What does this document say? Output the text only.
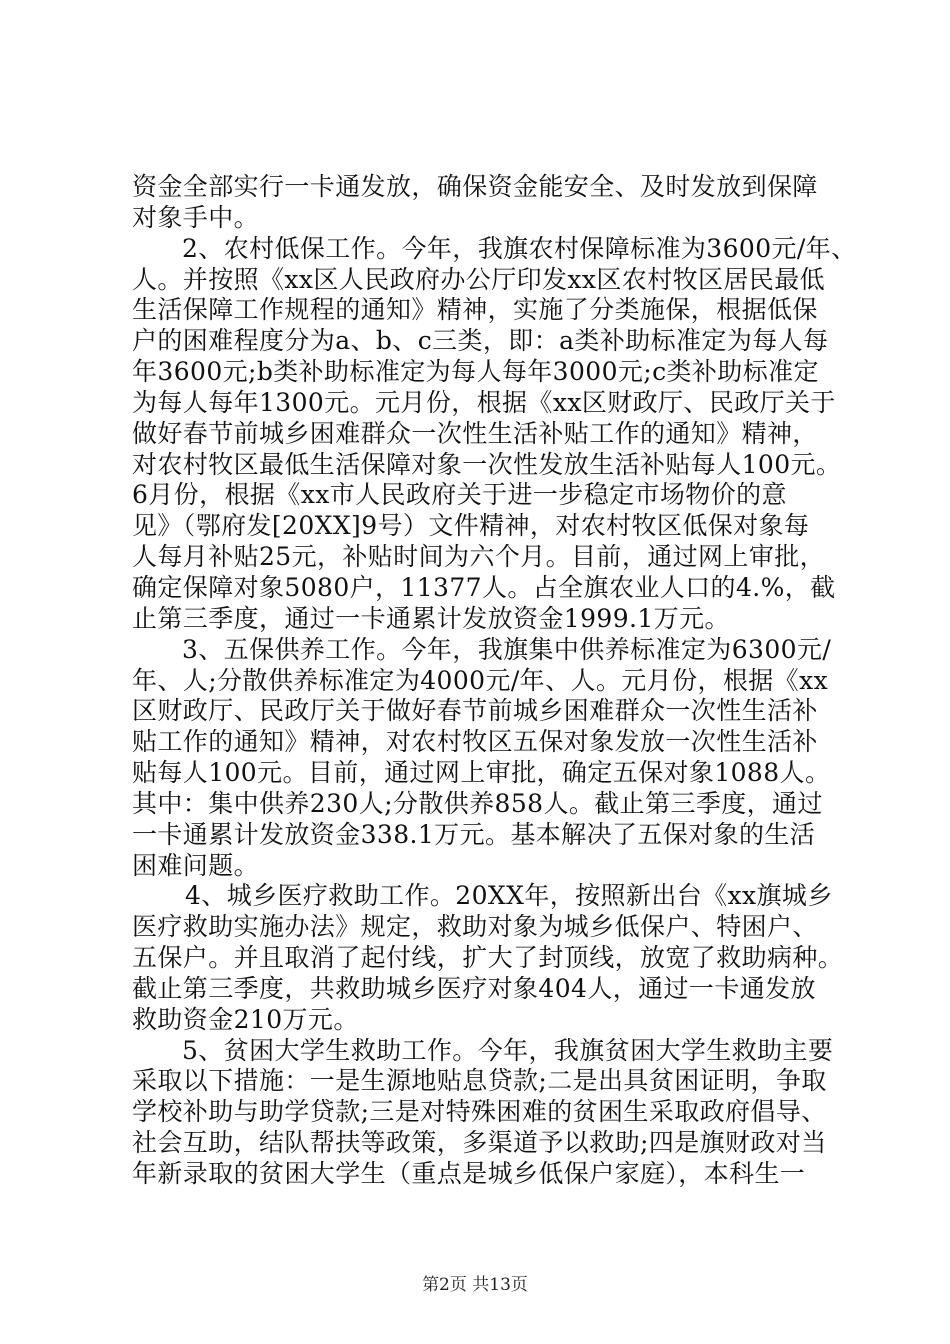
资金全部实行一卡通发放，确保资金能安全、及时发放到保障
对象手中。
2、农村低保工作。今年，我旗农村保障标准为3600元/年、
人。并按照《xx区人民政府办公厅印发xx区农村牧区居民最低
生活保障工作规程的通知》精神，实施了分类施保，根据低保
户的困难程度分为a、b、c三类，即：a类补助标准定为每人每
年3600元;b类补助标准定为每人每年3000元;c类补助标准定
为每人每年1300元。元月份，根据《xx区财政厅、民政厅关于
做好春节前城乡困难群众一次性生活补贴工作的通知》精神，
对农村牧区最低生活保障对象一次性发放生活补贴每人100元。
6月份，根据《xx市人民政府关于进一步稳定市场物价的意
见》（鄂府发[20XX]9号）文件精神，对农村牧区低保对象每
人每月补贴25元，补贴时间为六个月。目前，通过网上审批，
确定保障对象5080户，11377人。占全旗农业人口的4.%，截
止第三季度，通过一卡通累计发放资金1999.1万元。
3、五保供养工作。今年，我旗集中供养标准定为6300元/
年、人;分散供养标准定为4000元/年、人。元月份，根据《xx
区财政厅、民政厅关于做好春节前城乡困难群众一次性生活补
贴工作的通知》精神，对农村牧区五保对象发放一次性生活补
贴每人100元。目前，通过网上审批，确定五保对象1088人。
其中：集中供养230人;分散供养858人。截止第三季度，通过
一卡通累计发放资金338.1万元。基本解决了五保对象的生活
困难问题。
4、城乡医疗救助工作。20XX年，按照新出台《xx旗城乡
医疗救助实施办法》规定，救助对象为城乡低保户、特困户、
五保户。并且取消了起付线，扩大了封顶线，放宽了救助病种。
截止第三季度，共救助城乡医疗对象404人，通过一卡通发放
救助资金210万元。
5、贫困大学生救助工作。今年，我旗贫困大学生救助主要
采取以下措施：一是生源地贴息贷款;二是出具贫困证明，争取
学校补助与助学贷款;三是对特殊困难的贫困生采取政府倡导、
社会互助，结队帮扶等政策，多渠道予以救助;四是旗财政对当
年新录取的贫困大学生（重点是城乡低保户家庭），本科生一
第2页 共13页
